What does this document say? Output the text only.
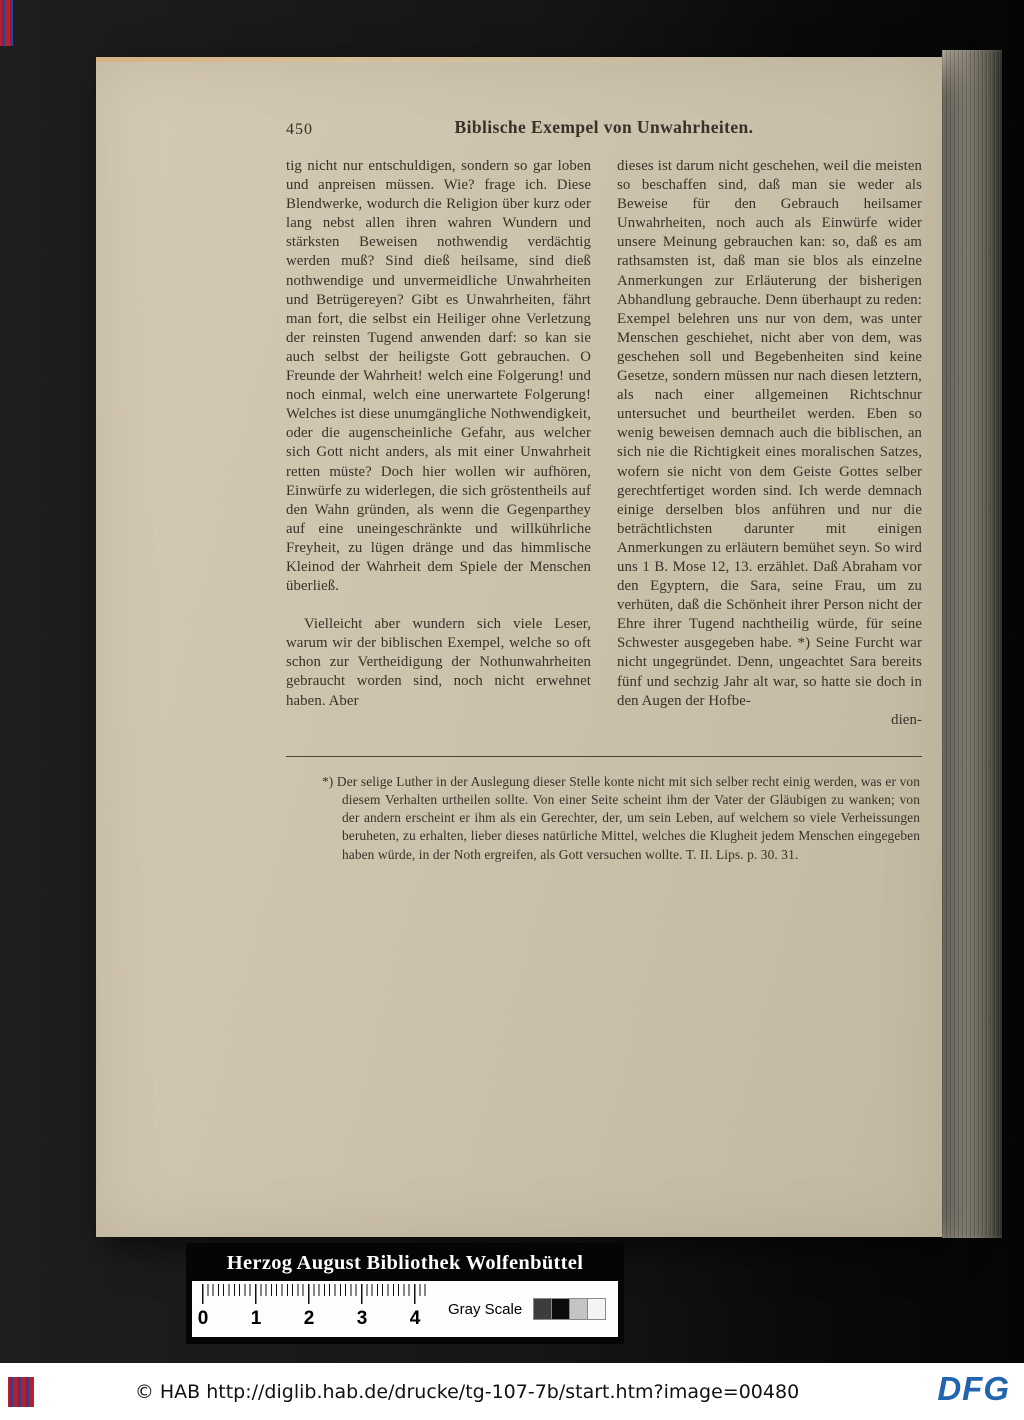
450	Biblische Exempel von Unwahrheiten.

tig nicht nur entschuldigen, sondern so gar loben und anpreisen müssen. Wie? frage ich. Diese Blendwerke, wodurch die Religion über kurz oder lang nebst allen ihren wahren Wundern und stärksten Beweisen nothwendig verdächtig werden muß? Sind dieß heilsame, sind dieß nothwendige und unvermeidliche Unwahrheiten und Betrügereyen? Gibt es Unwahrheiten, fährt man fort, die selbst ein Heiliger ohne Verletzung der reinsten Tugend anwenden darf: so kan sie auch selbst der heiligste Gott gebrauchen. O Freunde der Wahrheit! welch eine Folgerung! und noch einmal, welch eine unerwartete Folgerung! Welches ist diese unumgängliche Nothwendigkeit, oder die augenscheinliche Gefahr, aus welcher sich Gott nicht anders, als mit einer Unwahrheit retten müste? Doch hier wollen wir aufhören, Einwürfe zu widerlegen, die sich gröstentheils auf den Wahn gründen, als wenn die Gegenparthey auf eine uneingeschränkte und willkührliche Freyheit, zu lügen dränge und das himmlische Kleinod der Wahrheit dem Spiele der Menschen überließ.

Vielleicht aber wundern sich viele Leser, warum wir der biblischen Exempel, welche so oft schon zur Vertheidigung der Nothunwahrheiten gebraucht worden sind, noch nicht erwehnet haben. Aber

dieses ist darum nicht geschehen, weil die meisten so beschaffen sind, daß man sie weder als Beweise für den Gebrauch heilsamer Unwahrheiten, noch auch als Einwürfe wider unsere Meinung gebrauchen kan: so, daß es am rathsamsten ist, daß man sie blos als einzelne Anmerkungen zur Erläuterung der bisherigen Abhandlung gebrauche. Denn überhaupt zu reden: Exempel belehren uns nur von dem, was unter Menschen geschiehet, nicht aber von dem, was geschehen soll und Begebenheiten sind keine Gesetze, sondern müssen nur nach diesen letztern, als nach einer allgemeinen Richtschnur untersuchet und beurtheilet werden. Eben so wenig beweisen demnach auch die biblischen, an sich nie die Richtigkeit eines moralischen Satzes, wofern sie nicht von dem Geiste Gottes selber gerechtfertiget worden sind. Ich werde demnach einige derselben blos anführen und nur die beträchtlichsten darunter mit einigen Anmerkungen zu erläutern bemühet seyn. So wird uns 1 B. Mose 12, 13. erzählet. Daß Abraham vor den Egyptern, die Sara, seine Frau, um zu verhüten, daß die Schönheit ihrer Person nicht der Ehre ihrer Tugend nachtheilig würde, für seine Schwester ausgegeben habe. *) Seine Furcht war nicht ungegründet. Denn, ungeachtet Sara bereits fünf und sechzig Jahr alt war, so hatte sie doch in den Augen der Hofbe-

dien-
*) Der selige Luther in der Auslegung dieser Stelle konte nicht mit sich selber recht einig werden, was er von diesem Verhalten urtheilen sollte. Von einer Seite scheint ihm der Vater der Gläubigen zu wanken; von der andern erscheint er ihm als ein Gerechter, der, um sein Leben, auf welchem so viele Verheissungen beruheten, zu erhalten, lieber dieses natürliche Mittel, welches die Klugheit jedem Menschen eingegeben haben würde, in der Noth ergreifen, als Gott versuchen wollte. T. II. Lips. p. 30. 31.
Herzog August Bibliothek Wolfenbüttel
0 1 2 3 4 Gray Scale
© HAB http://diglib.hab.de/drucke/tg-107-7b/start.htm?image=00480	DFG
